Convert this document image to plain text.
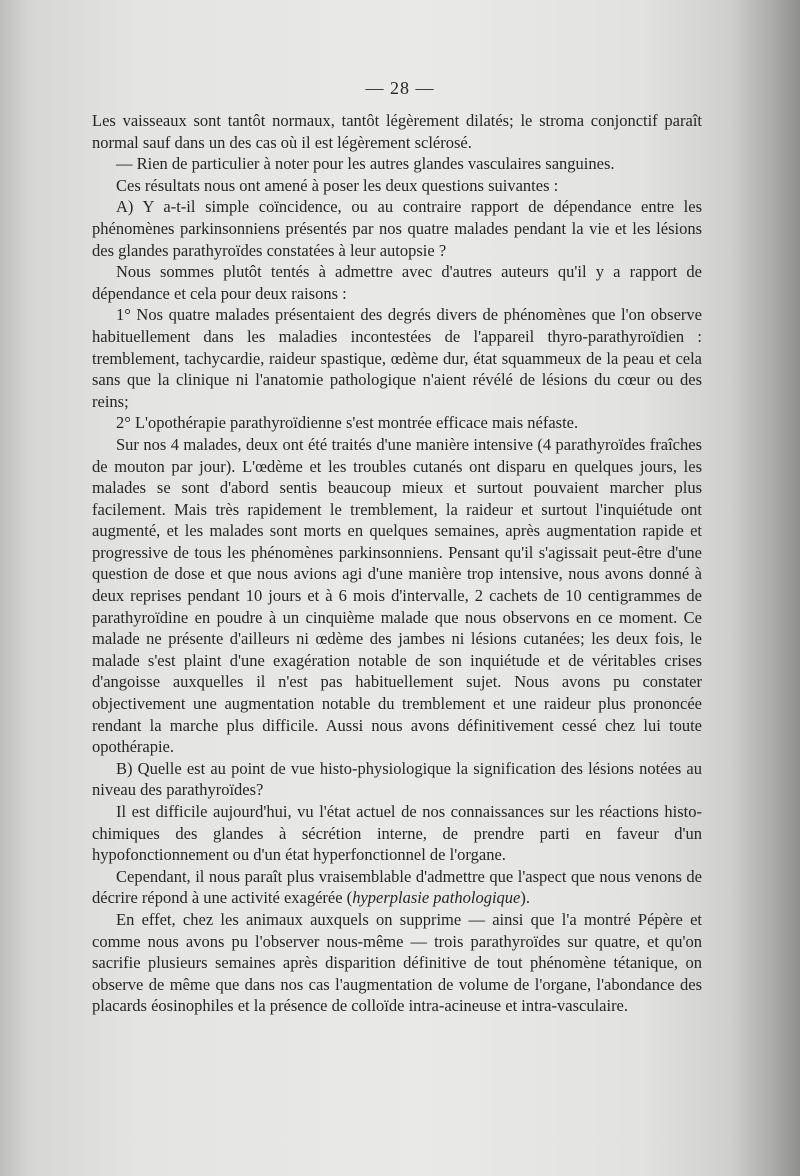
— 28 —

Les vaisseaux sont tantôt normaux, tantôt légèrement dilatés; le stroma conjonctif paraît normal sauf dans un des cas où il est légèrement sclérosé.

— Rien de particulier à noter pour les autres glandes vasculaires sanguines.

Ces résultats nous ont amené à poser les deux questions suivantes :

A) Y a-t-il simple coïncidence, ou au contraire rapport de dépendance entre les phénomènes parkinsonniens présentés par nos quatre malades pendant la vie et les lésions des glandes parathyroïdes constatées à leur autopsie ?

Nous sommes plutôt tentés à admettre avec d'autres auteurs qu'il y a rapport de dépendance et cela pour deux raisons :

1° Nos quatre malades présentaient des degrés divers de phénomènes que l'on observe habituellement dans les maladies incontestées de l'appareil thyro-parathyroïdien : tremblement, tachycardie, raideur spastique, œdème dur, état squammeux de la peau et cela sans que la clinique ni l'anatomie pathologique n'aient révélé de lésions du cœur ou des reins;

2° L'opothérapie parathyroïdienne s'est montrée efficace mais néfaste.

Sur nos 4 malades, deux ont été traités d'une manière intensive (4 parathyroïdes fraîches de mouton par jour). L'œdème et les troubles cutanés ont disparu en quelques jours, les malades se sont d'abord sentis beaucoup mieux et surtout pouvaient marcher plus facilement. Mais très rapidement le tremblement, la raideur et surtout l'inquiétude ont augmenté, et les malades sont morts en quelques semaines, après augmentation rapide et progressive de tous les phénomènes parkinsonniens. Pensant qu'il s'agissait peut-être d'une question de dose et que nous avions agi d'une manière trop intensive, nous avons donné à deux reprises pendant 10 jours et à 6 mois d'intervalle, 2 cachets de 10 centigrammes de parathyroïdine en poudre à un cinquième malade que nous observons en ce moment. Ce malade ne présente d'ailleurs ni œdème des jambes ni lésions cutanées; les deux fois, le malade s'est plaint d'une exagération notable de son inquiétude et de véritables crises d'angoisse auxquelles il n'est pas habituellement sujet. Nous avons pu constater objectivement une augmentation notable du tremblement et une raideur plus prononcée rendant la marche plus difficile. Aussi nous avons définitivement cessé chez lui toute opothérapie.

B) Quelle est au point de vue histo-physiologique la signification des lésions notées au niveau des parathyroïdes?

Il est difficile aujourd'hui, vu l'état actuel de nos connaissances sur les réactions histo-chimiques des glandes à sécrétion interne, de prendre parti en faveur d'un hypofonctionnement ou d'un état hyperfonctionnel de l'organe.

Cependant, il nous paraît plus vraisemblable d'admettre que l'aspect que nous venons de décrire répond à une activité exagérée (hyperplasie pathologique).

En effet, chez les animaux auxquels on supprime — ainsi que l'a montré Pépère et comme nous avons pu l'observer nous-même — trois parathyroïdes sur quatre, et qu'on sacrifie plusieurs semaines après disparition définitive de tout phénomène tétanique, on observe de même que dans nos cas l'augmentation de volume de l'organe, l'abondance des placards éosinophiles et la présence de colloïde intra-acineuse et intra-vasculaire.
